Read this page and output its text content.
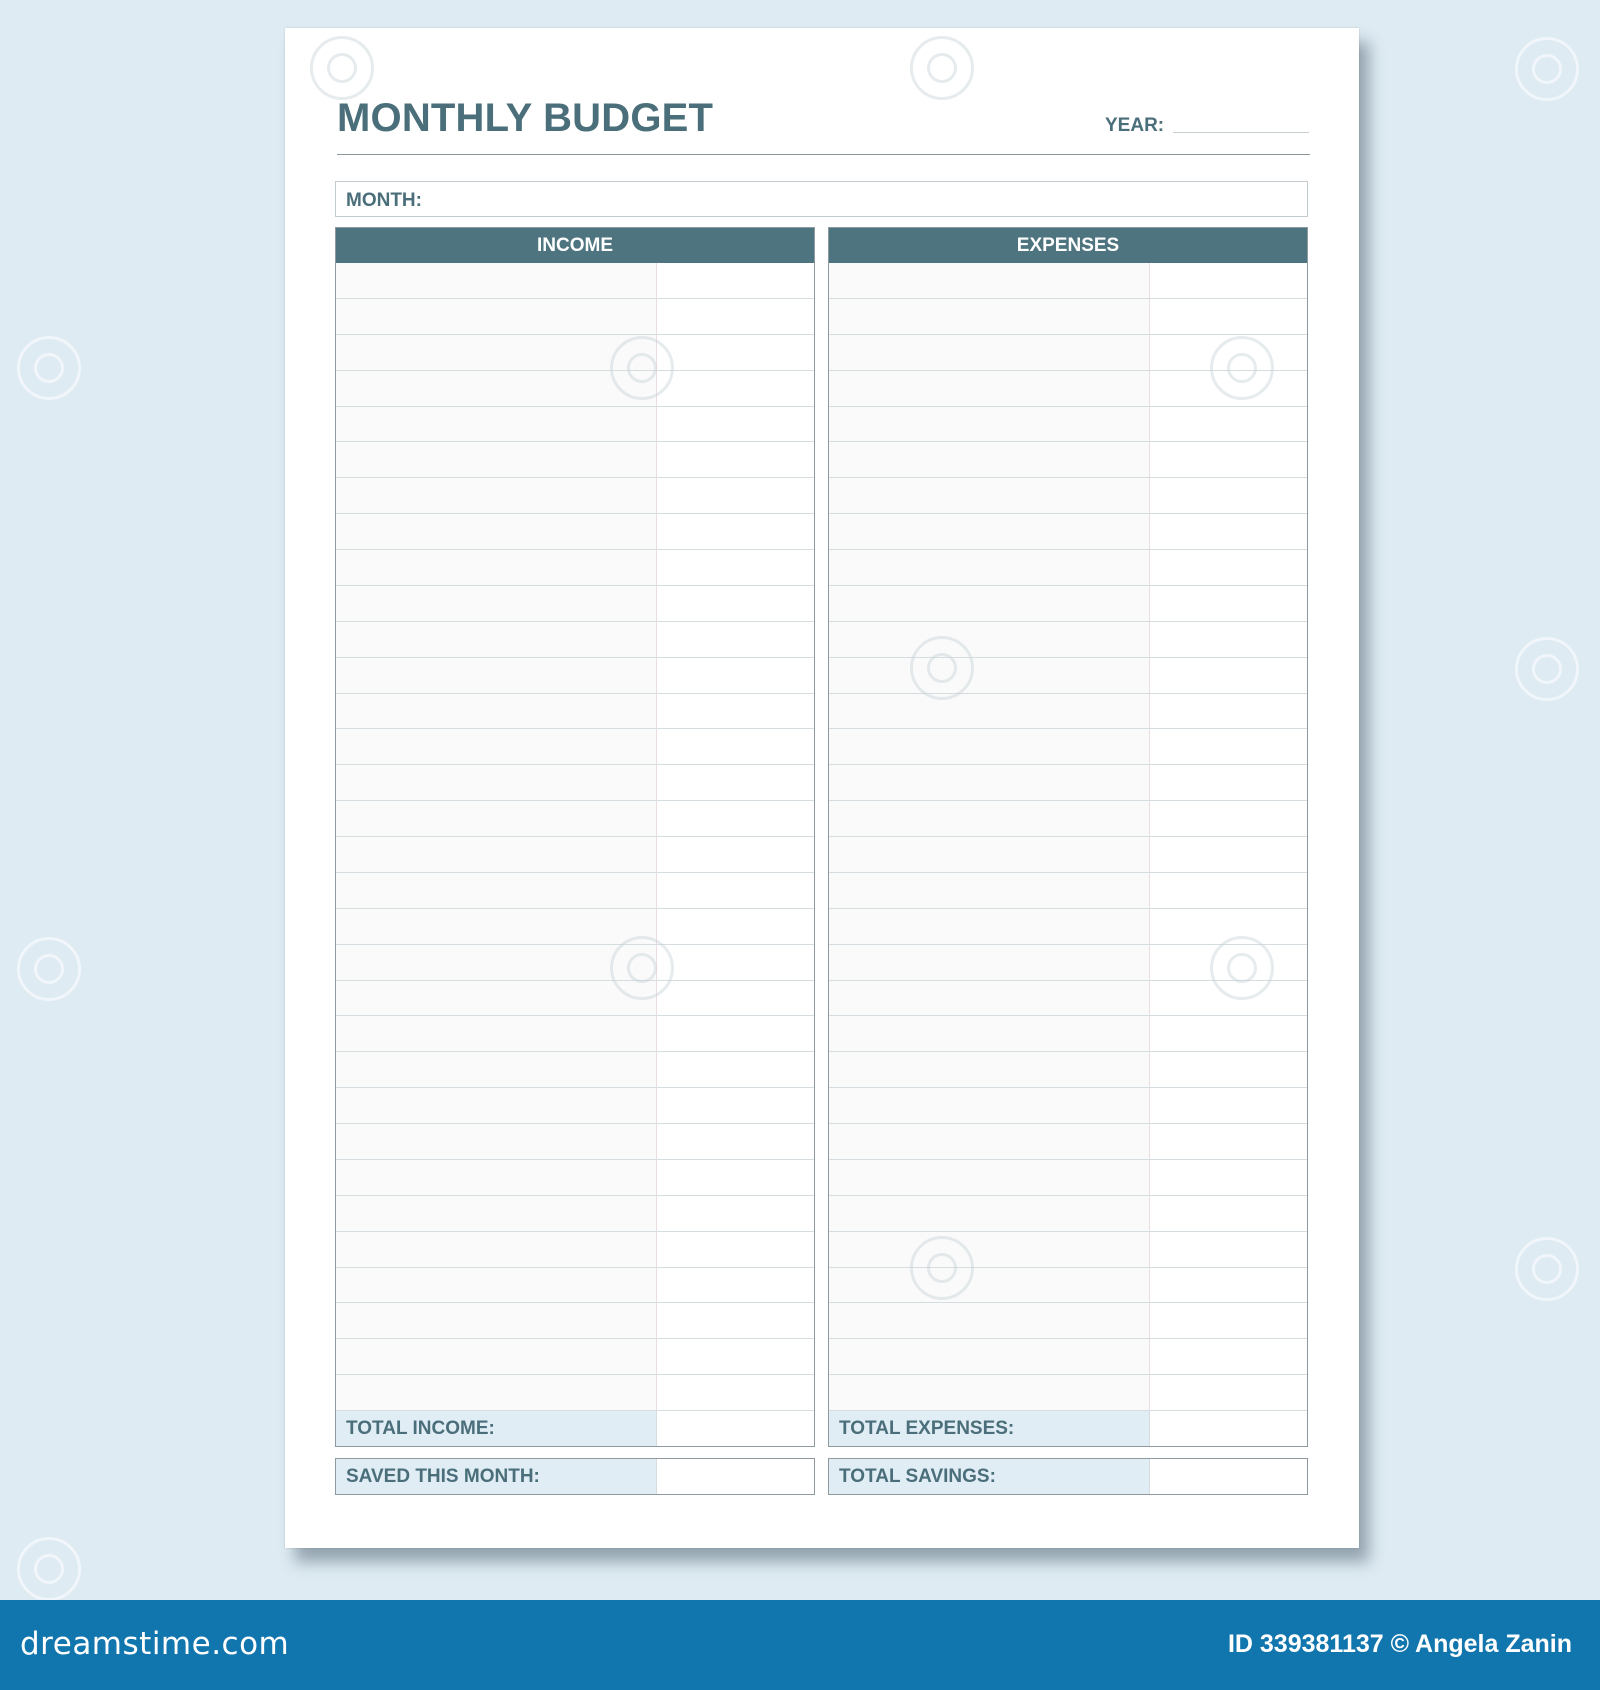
MONTHLY BUDGET	YEAR:
MONTH:
INCOME
TOTAL INCOME:
EXPENSES
TOTAL EXPENSES:
SAVED THIS MONTH:	TOTAL SAVINGS:
dreamstime.com	ID 339381137 © Angela Zanin
